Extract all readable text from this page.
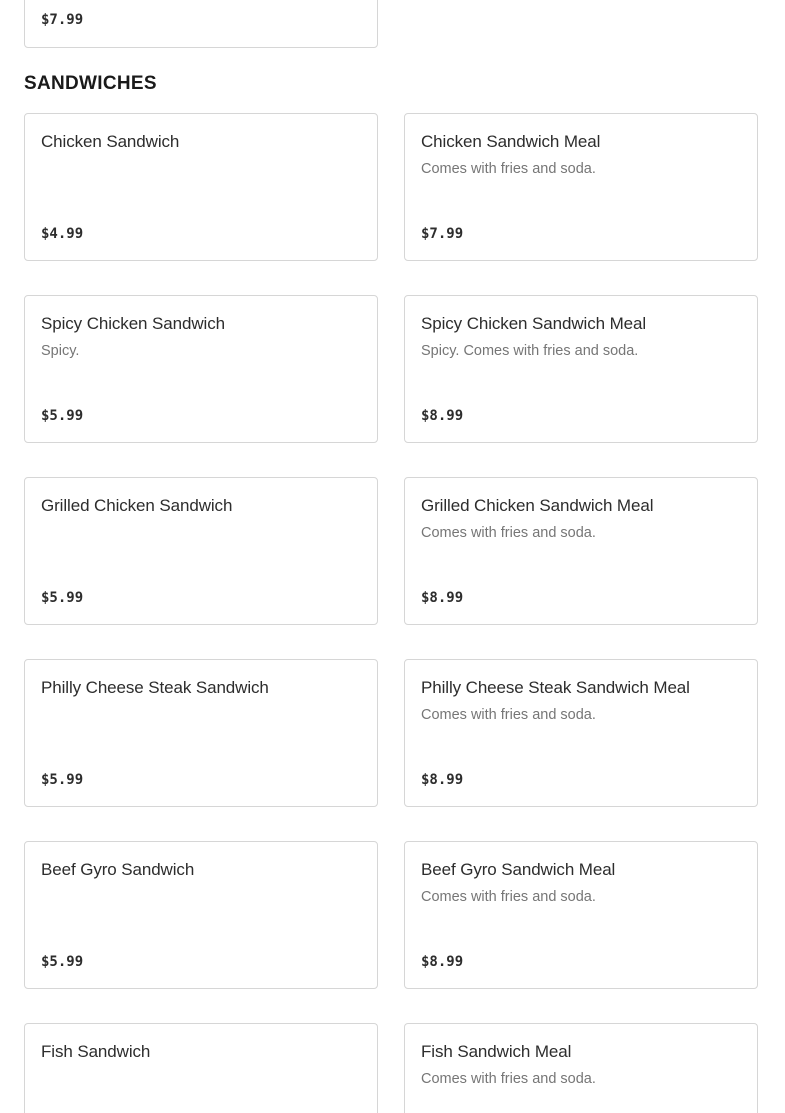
$7.99
SANDWICHES
Chicken Sandwich
$4.99
Chicken Sandwich Meal
Comes with fries and soda.
$7.99
Spicy Chicken Sandwich
Spicy.
$5.99
Spicy Chicken Sandwich Meal
Spicy. Comes with fries and soda.
$8.99
Grilled Chicken Sandwich
$5.99
Grilled Chicken Sandwich Meal
Comes with fries and soda.
$8.99
Philly Cheese Steak Sandwich
$5.99
Philly Cheese Steak Sandwich Meal
Comes with fries and soda.
$8.99
Beef Gyro Sandwich
$5.99
Beef Gyro Sandwich Meal
Comes with fries and soda.
$8.99
Fish Sandwich	Fish Sandwich Meal
Comes with fries and soda.
